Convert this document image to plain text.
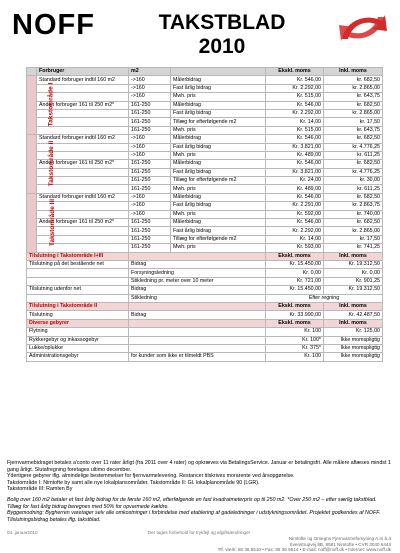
NOFF	TAKSTBLAD
2010
	Forbruger	m2		Ekskl. moms	Inkl. moms
Takstområde I	Standard forbruger indtil 160 m2	->160	Målerbidrag	Kr. 546,00	kr. 682,50
		->160	Fast årlig bidrag	Kr. 2.292,00	kr. 2.865,00
		->160	Mwh. pris	Kr. 515,00	kr. 643,75
	Anden forbruger 161 til 250 m2*	161-250	Målerbidrag	Kr. 546,00	kr. 682,50
		161-250	Fast årlig bidrag	Kr. 2.292,00	kr. 2.865,00
		161-250	Tillæg for efterfølgende m2	Kr. 14,00	kr. 17,50
		161-250	Mwh. pris	Kr. 515,00	kr. 643,75
Takstområde II	Standard forbruger indtil 160 m2	->160	Målerbidrag	Kr. 546,00	kr. 682,50
		->160	Fast årlig bidrag	Kr. 3.821,00	kr. 4.776,25
		->160	Mwh. pris	Kr. 489,00	kr. 611,25
	Anden forbruger 161 til 250 m2*	161-250	Målerbidrag	Kr. 546,00	kr. 682,50
		161-250	Fast årlig bidrag	Kr. 3.821,00	kr. 4.776,25
		161-250	Tillæg for efterfølgende m2	Kr. 24,00	kr. 30,00
		161-250	Mwh. pris	Kr. 489,00	kr. 611,25
Takstområde III	Standard forbruger indtil 160 m2	->160	Målerbidrag	Kr. 546,00	kr. 682,50
		->160	Fast årlig bidrag	Kr. 2.291,00	kr. 2.863,75
		->160	Mwh. pris	Kr. 592,00	kr. 740,00
	Anden forbruger 161 til 250 m2*	161-250	Målerbidrag	Kr. 546,00	kr. 682,50
		161-250	Fast årlig bidrag	Kr. 2.292,00	kr. 2.865,00
		161-250	Tillæg for efterfølgende m2	Kr. 14,00	kr. 17,50
		161-250	Mwh. pris	Kr. 593,00	kr. 741,25
Tilslutning i Takstområde I+III				Ekskl. moms	Inkl. moms
Tilslutning på det bestående net		Bidrag		Kr. 15.450,00	Kr. 19.312,50
		Forsyningsledning		Kr. 0,00	Kr. 0,00
		Stikledning pr. meter over 10 meter		Kr. 721,00	Kr. 901,25
Tilslutning udenfor net		Bidrag		Kr. 15.450,00	Kr. 19.312,50
		Stikledning		Efter regning	
Tilslutning i Takstområde II				Ekskl. moms	Inkl. moms
Tilslutning		Bidrag		Kr. 33.990,00	Kr. 42.487,50
Diverse gebyrer				Ekskl. moms	Inkl. moms
Flytning				Kr. 100	Kr. 125,00
Rykkergebyr og inkassogebyr				Kr. 100*	Ikke momspligtig
Lukke/oplukke				Kr. 375*	Ikke momspligtig
Administrationsgebyr		for kunder som ikke er tilmeldt PBS		Kr. 100	Ikke momspligtig

Fjernvarmebidraget betales a'conto over 11 rater årligt (fra 2011 over 4 rater) og opkræves via BetalingsService. Januar er betalingsfri. Alle målere aflæses mindst 1 gang årligt. Slutafregning foretages ultimo december.

Ydertigere gebyrer iflg. almindelige bestemmelser for fjernvarmelevering. Restancer tilskrives morarente ved årsopgørelse.

Takstområde I: Nimtofte by samt alle nye lokalplansområder. Takstområde II: Gl. lokalplanområde 90 (LGR).

Takstområde III: Ramten By

Bolig over 160 m2 betaler et fast årlig bidrag for de første 160 m2, efterfølgende en fast kvadratmeterpris op til 250 m2. *Over 250 m2 – efter særlig takstblad. Tillæg for fast årlig bidrag beregnes med 50% for opvarmede kældre.

Byggemodning: Bygherren varetager selv alle omkostninger i forbindelse med etablering af gadeledninger i udstykningsområdet. Projektet godkendes af NOFF. Tilslutningsbidrag betales iflg. takstblad.

04. januar2010	Der tages forbehold for trykfejl og afgiftsændringer
Nimtofte og Omegns Fjernvarmeforsyning A.m.b.a
Svenstrupvej 8B, 8581 Nimtofte • CVR 3040 6443
Tlf. værk: 86 36 5510 • Fax: 86 36 5514 • E-mail: noff@noff.dk • Internet: www.noff.dk
